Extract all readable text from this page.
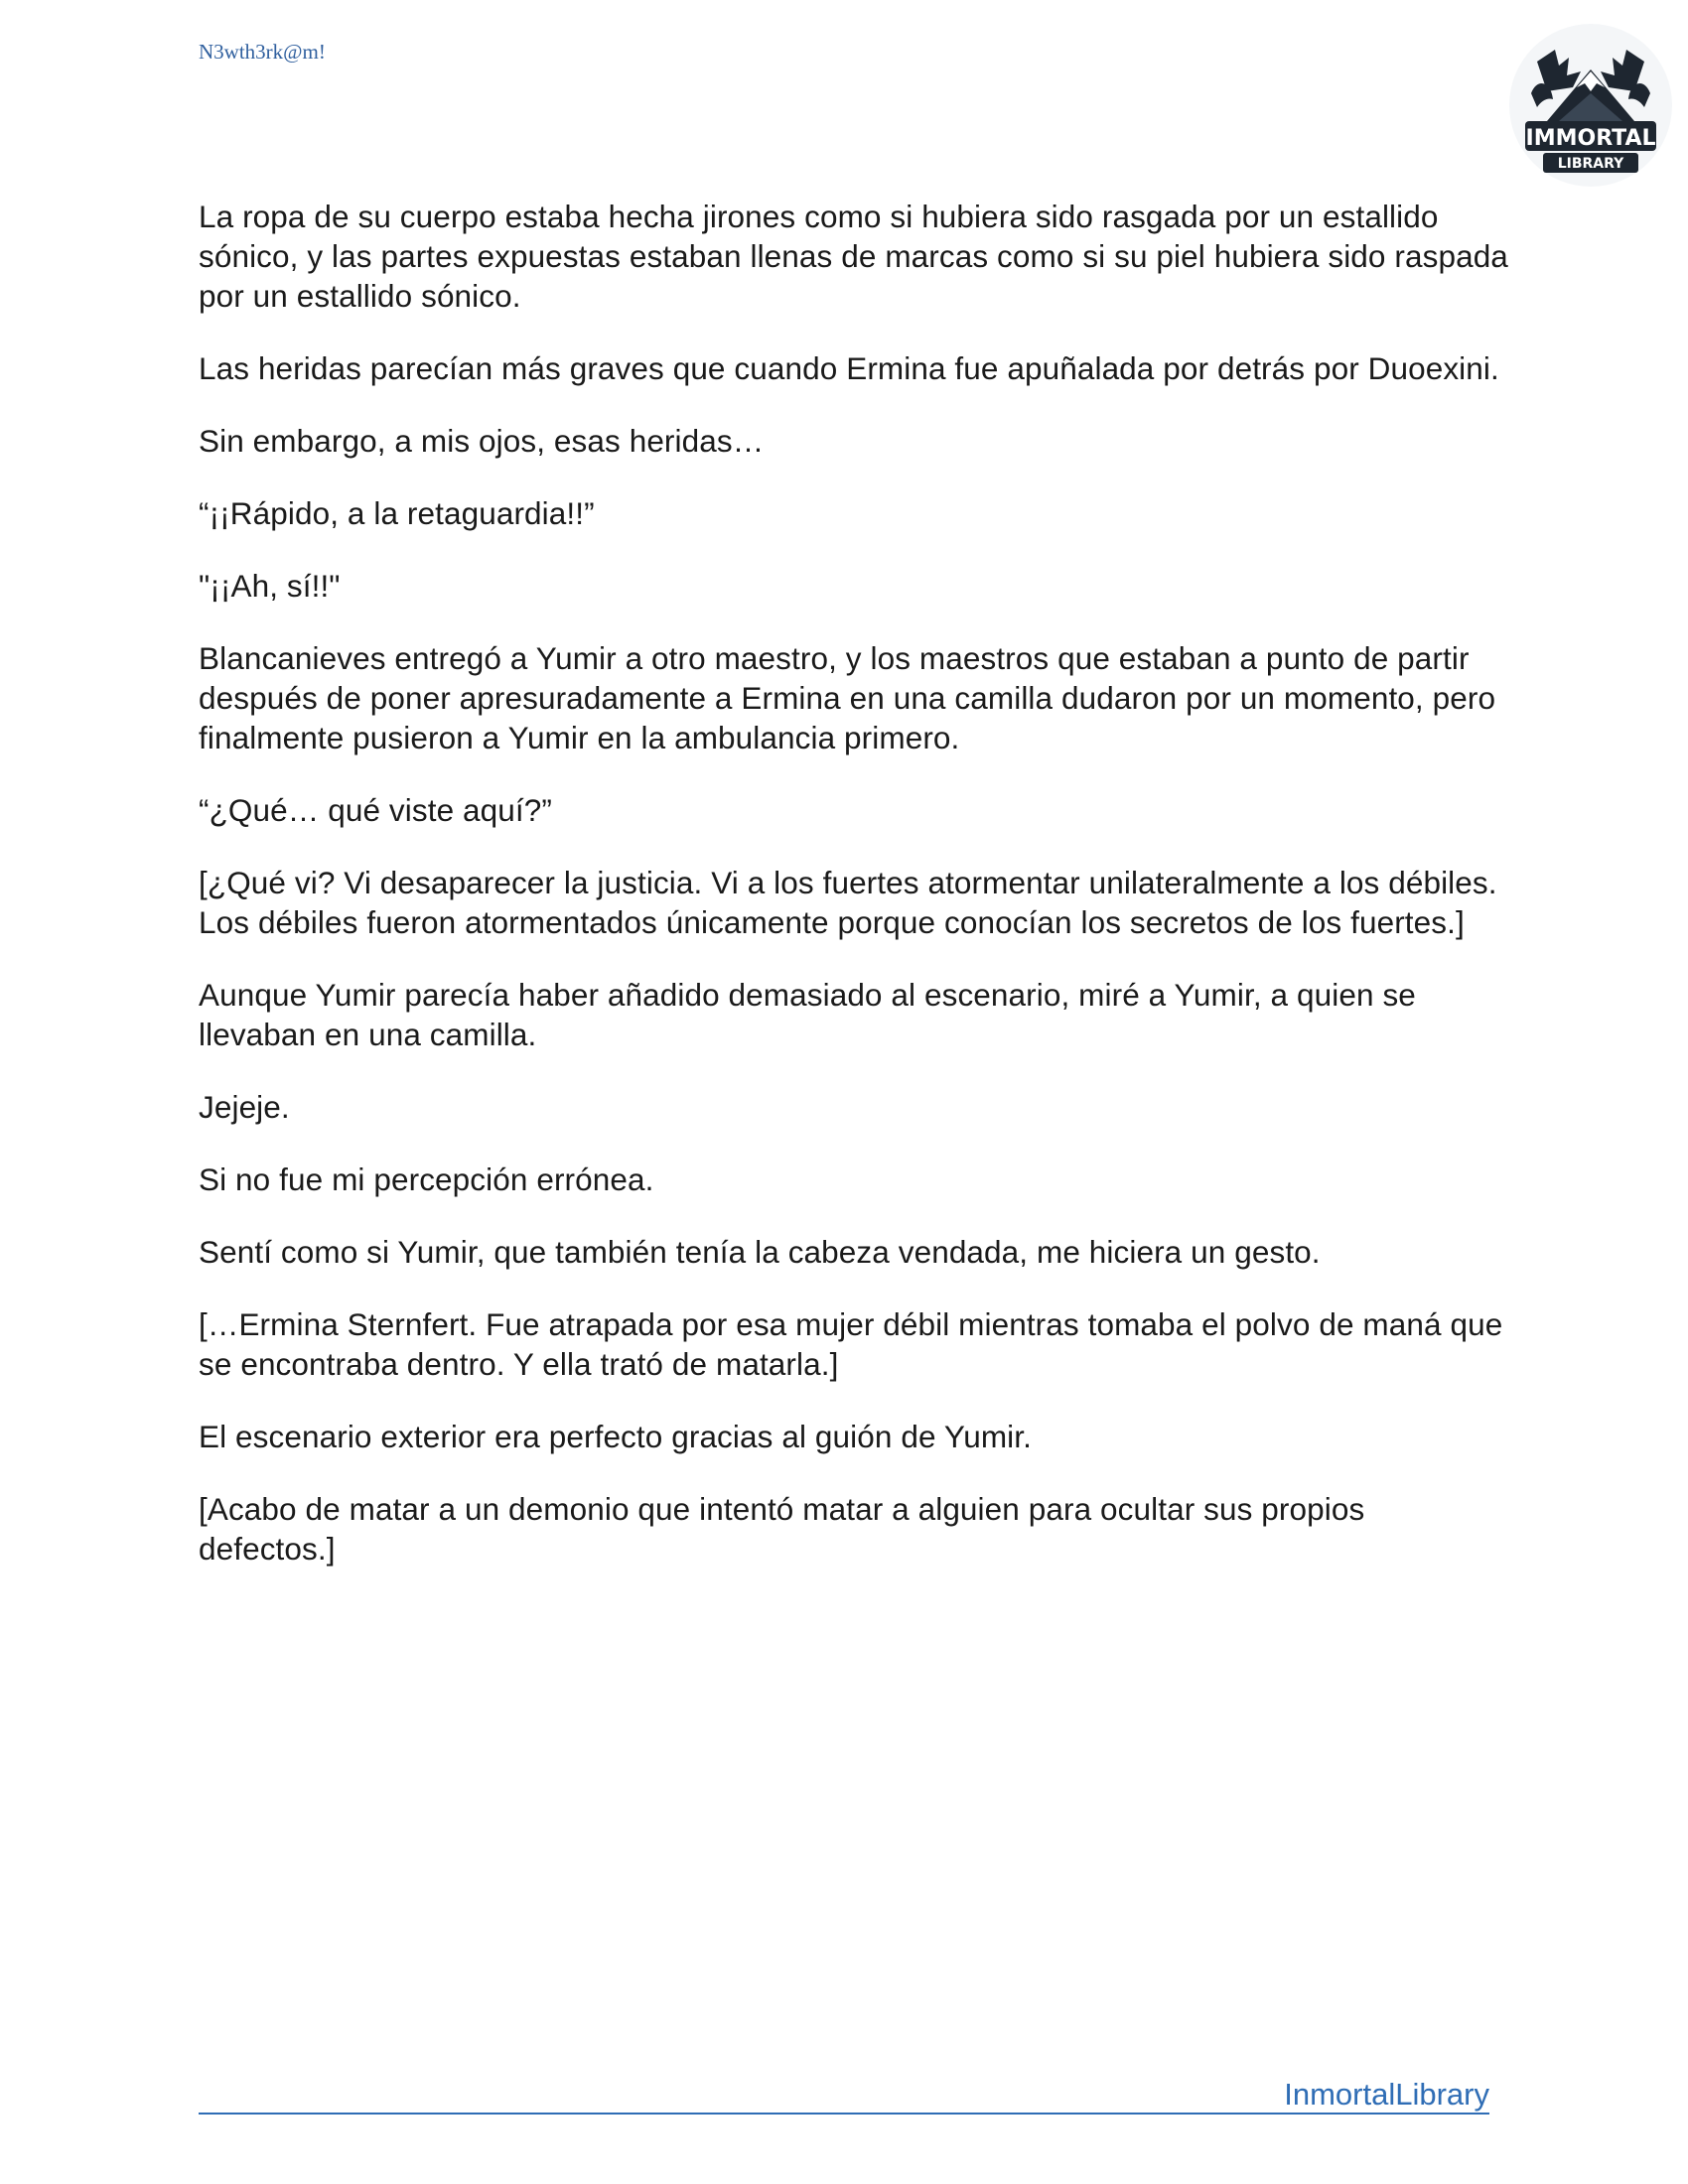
N3wth3rk@m!
IMMORTAL
LIBRARY

La ropa de su cuerpo estaba hecha jirones como si hubiera sido rasgada por un estallido sónico, y las partes expuestas estaban llenas de marcas como si su piel hubiera sido raspada por un estallido sónico.

Las heridas parecían más graves que cuando Ermina fue apuñalada por detrás por Duoexini.

Sin embargo, a mis ojos, esas heridas…

“¡¡Rápido, a la retaguardia!!”

"¡¡Ah, sí!!"

Blancanieves entregó a Yumir a otro maestro, y los maestros que estaban a punto de partir después de poner apresuradamente a Ermina en una camilla dudaron por un momento, pero finalmente pusieron a Yumir en la ambulancia primero.

“¿Qué… qué viste aquí?”

[¿Qué vi? Vi desaparecer la justicia. Vi a los fuertes atormentar unilateralmente a los débiles. Los débiles fueron atormentados únicamente porque conocían los secretos de los fuertes.]

Aunque Yumir parecía haber añadido demasiado al escenario, miré a Yumir, a quien se llevaban en una camilla.

Jejeje.

Si no fue mi percepción errónea.

Sentí como si Yumir, que también tenía la cabeza vendada, me hiciera un gesto.

[…Ermina Sternfert. Fue atrapada por esa mujer débil mientras tomaba el polvo de maná que se encontraba dentro. Y ella trató de matarla.]

El escenario exterior era perfecto gracias al guión de Yumir.

[Acabo de matar a un demonio que intentó matar a alguien para ocultar sus propios defectos.]

InmortalLibrary
